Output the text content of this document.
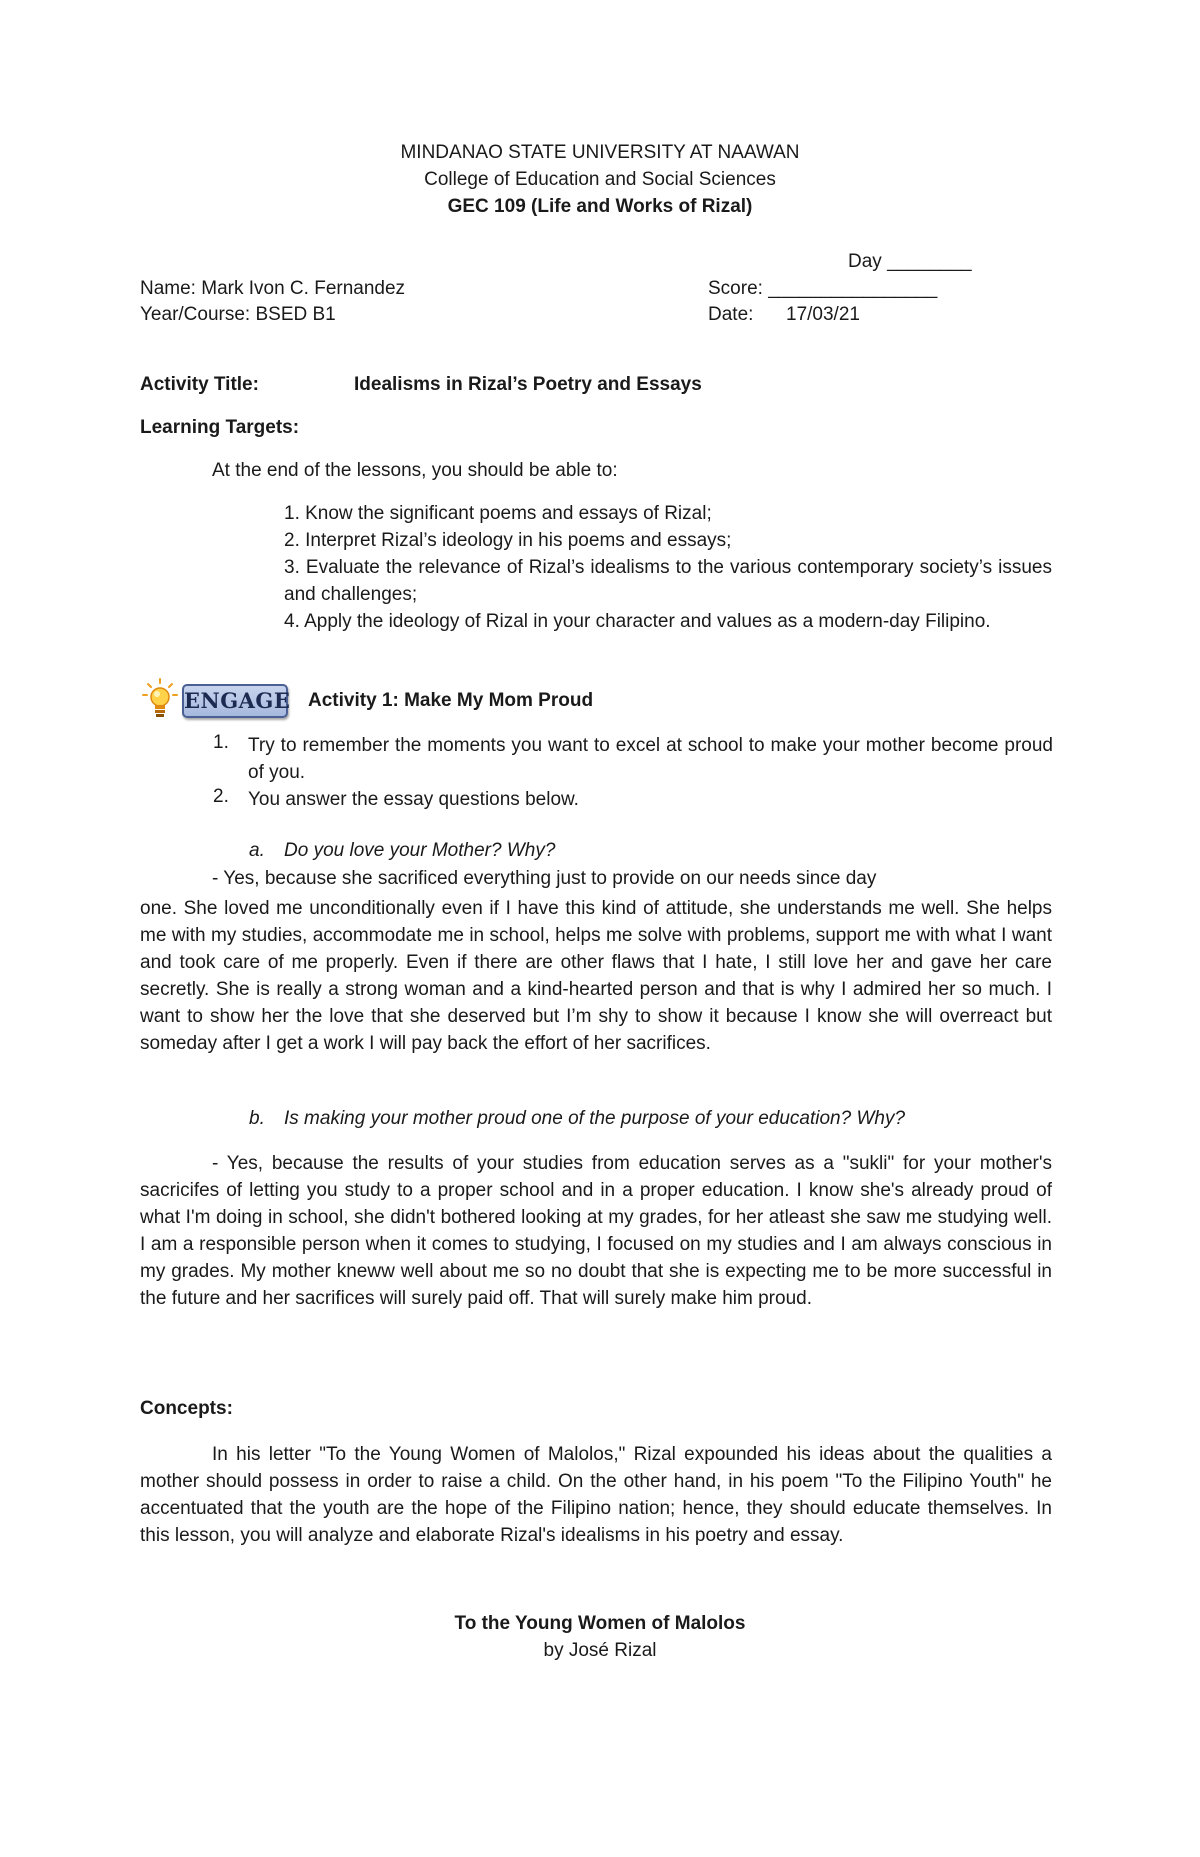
MINDANAO STATE UNIVERSITY AT NAAWAN
College of Education and Social Sciences
GEC 109 (Life and Works of Rizal)
Day ________
Name: Mark Ivon C. Fernandez
Year/Course: BSED B1
Score: ________________
Date: 17/03/21
Activity Title:	Idealisms in Rizal’s Poetry and Essays
Learning Targets:
At the end of the lessons, you should be able to:
1. Know the significant poems and essays of Rizal;
2. Interpret Rizal’s ideology in his poems and essays;
3. Evaluate the relevance of Rizal’s idealisms to the various contemporary society’s issues and challenges;
4. Apply the ideology of Rizal in your character and values as a modern-day Filipino.
ENGAGE Activity 1: Make My Mom Proud
1. Try to remember the moments you want to excel at school to make your mother become proud of you.
2. You answer the essay questions below.
a. Do you love your Mother? Why?
- Yes, because she sacrificed everything just to provide on our needs since day
one. She loved me unconditionally even if I have this kind of attitude, she understands me well. She helps me with my studies, accommodate me in school, helps me solve with problems, support me with what I want and took care of me properly. Even if there are other flaws that I hate, I still love her and gave her care secretly. She is really a strong woman and a kind-hearted person and that is why I admired her so much. I want to show her the love that she deserved but I’m shy to show it because I know she will overreact but someday after I get a work I will pay back the effort of her sacrifices.
b. Is making your mother proud one of the purpose of your education? Why?
- Yes, because the results of your studies from education serves as a "sukli" for your mother's sacricifes of letting you study to a proper school and in a proper education. I know she's already proud of what I'm doing in school, she didn't bothered looking at my grades, for her atleast she saw me studying well. I am a responsible person when it comes to studying, I focused on my studies and I am always conscious in my grades. My mother kneww well about me so no doubt that she is expecting me to be more successful in the future and her sacrifices will surely paid off. That will surely make him proud.
Concepts:
In his letter "To the Young Women of Malolos," Rizal expounded his ideas about the qualities a mother should possess in order to raise a child. On the other hand, in his poem "To the Filipino Youth" he accentuated that the youth are the hope of the Filipino nation; hence, they should educate themselves. In this lesson, you will analyze and elaborate Rizal's idealisms in his poetry and essay.
To the Young Women of Malolos
by José Rizal
